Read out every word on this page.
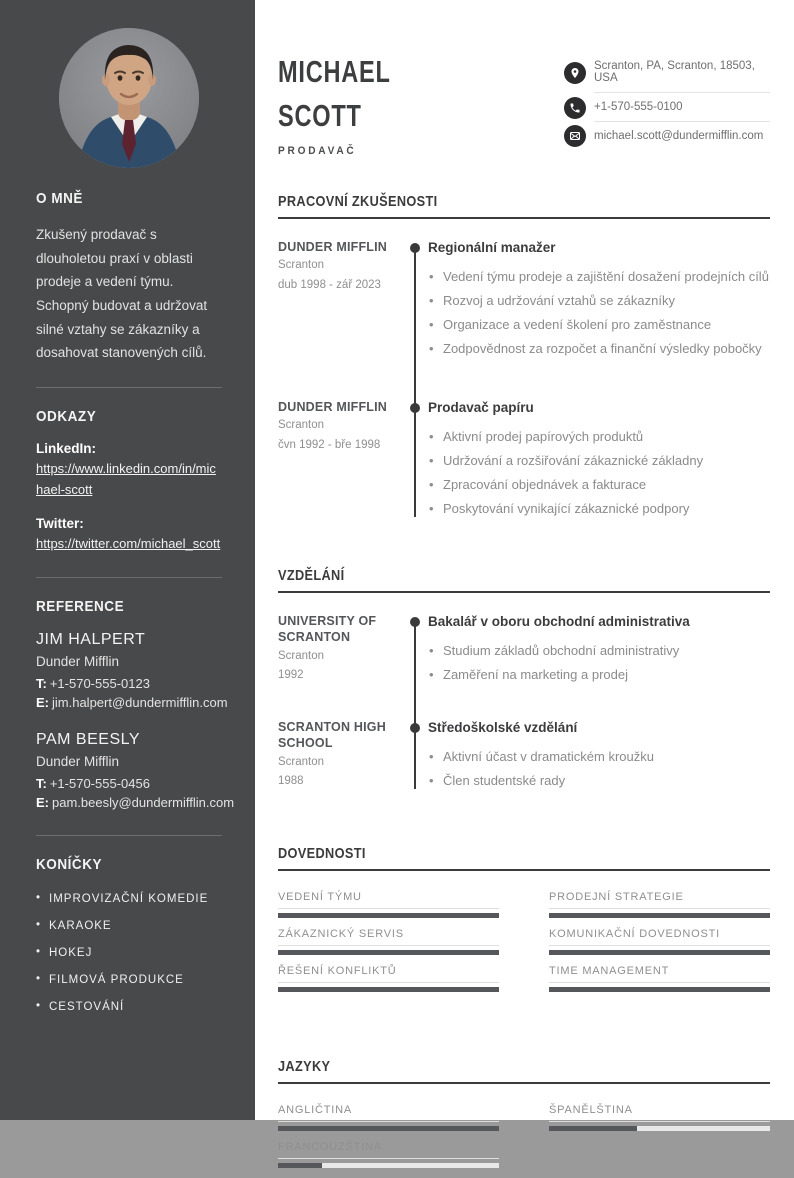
O MNĚ

Zkušený prodavač s dlouholetou praxí v oblasti prodeje a vedení týmu. Schopný budovat a udržovat silné vztahy se zákazníky a dosahovat stanovených cílů.

ODKAZY
LinkedIn:
https://www.linkedin.com/in/michael-scott
Twitter:
https://twitter.com/michael_scott
REFERENCE
JIM HALPERT
Dunder Mifflin
T: +1-570-555-0123
E: jim.halpert@dundermifflin.com
PAM BEESLY
Dunder Mifflin
T: +1-570-555-0456
E: pam.beesly@dundermifflin.com
KONÍČKY
• IMPROVIZAČNÍ KOMEDIE
• KARAOKE
• HOKEJ
• FILMOVÁ PRODUKCE
• CESTOVÁNÍ
MICHAEL
SCOTT
PRODAVAČ
Scranton, PA, Scranton, 18503, USA
+1-570-555-0100
michael.scott@dundermifflin.com
PRACOVNÍ ZKUŠENOSTI
DUNDER MIFFLIN
Scranton
dub 1998 - zář 2023
Regionální manažer
• Vedení týmu prodeje a zajištění dosažení prodejních cílů
• Rozvoj a udržování vztahů se zákazníky
• Organizace a vedení školení pro zaměstnance
• Zodpovědnost za rozpočet a finanční výsledky pobočky
DUNDER MIFFLIN
Scranton
čvn 1992 - bře 1998
Prodavač papíru
• Aktivní prodej papírových produktů
• Udržování a rozšiřování zákaznické základny
• Zpracování objednávek a fakturace
• Poskytování vynikající zákaznické podpory
VZDĚLÁNÍ
UNIVERSITY OF SCRANTON
Scranton
1992
Bakalář v oboru obchodní administrativa
• Studium základů obchodní administrativy
• Zaměření na marketing a prodej
SCRANTON HIGH SCHOOL
Scranton
1988
Středoškolské vzdělání
• Aktivní účast v dramatickém kroužku
• Člen studentské rady
DOVEDNOSTI
VEDENÍ TÝMU
ZÁKAZNICKÝ SERVIS
ŘEŠENÍ KONFLIKTŮ
PRODEJNÍ STRATEGIE
KOMUNIKAČNÍ DOVEDNOSTI
TIME MANAGEMENT
JAZYKY
ANGLIČTINA	ŠPANĚLŠTINA
FRANCOUZŠTINA
